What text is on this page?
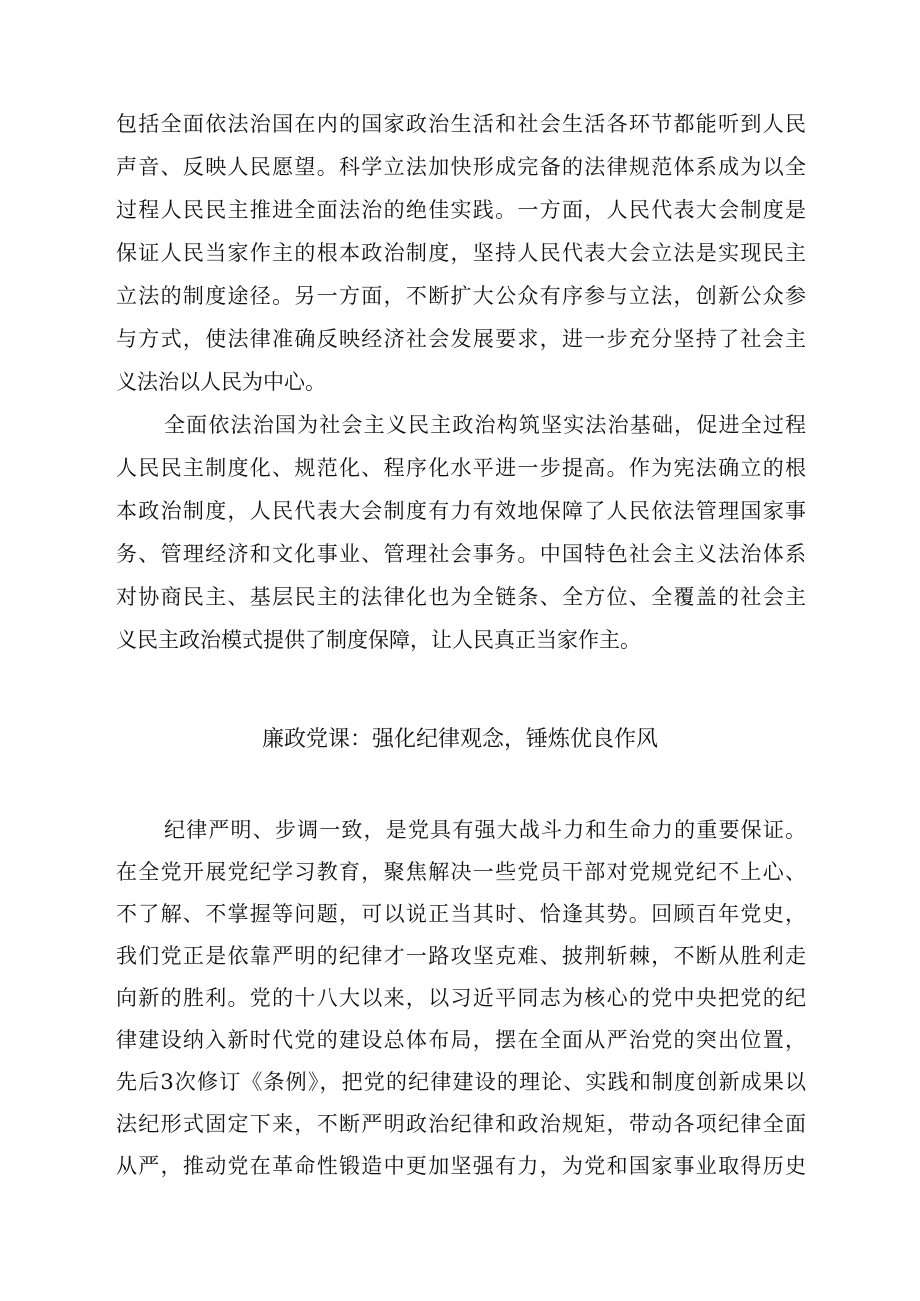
包括全面依法治国在内的国家政治生活和社会生活各环节都能听到人民
声音、反映人民愿望。科学立法加快形成完备的法律规范体系成为以全
过程人民民主推进全面法治的绝佳实践。一方面，人民代表大会制度是
保证人民当家作主的根本政治制度，坚持人民代表大会立法是实现民主
立法的制度途径。另一方面，不断扩大公众有序参与立法，创新公众参
与方式，使法律准确反映经济社会发展要求，进一步充分坚持了社会主
义法治以人民为中心。
全面依法治国为社会主义民主政治构筑坚实法治基础，促进全过程
人民民主制度化、规范化、程序化水平进一步提高。作为宪法确立的根
本政治制度，人民代表大会制度有力有效地保障了人民依法管理国家事
务、管理经济和文化事业、管理社会事务。中国特色社会主义法治体系
对协商民主、基层民主的法律化也为全链条、全方位、全覆盖的社会主
义民主政治模式提供了制度保障，让人民真正当家作主。
廉政党课：强化纪律观念，锤炼优良作风
纪律严明、步调一致，是党具有强大战斗力和生命力的重要保证。
在全党开展党纪学习教育，聚焦解决一些党员干部对党规党纪不上心、
不了解、不掌握等问题，可以说正当其时、恰逢其势。回顾百年党史，
我们党正是依靠严明的纪律才一路攻坚克难、披荆斩棘，不断从胜利走
向新的胜利。党的十八大以来，以习近平同志为核心的党中央把党的纪
律建设纳入新时代党的建设总体布局，摆在全面从严治党的突出位置，
先后3次修订《条例》，把党的纪律建设的理论、实践和制度创新成果以
法纪形式固定下来，不断严明政治纪律和政治规矩，带动各项纪律全面
从严，推动党在革命性锻造中更加坚强有力，为党和国家事业取得历史
